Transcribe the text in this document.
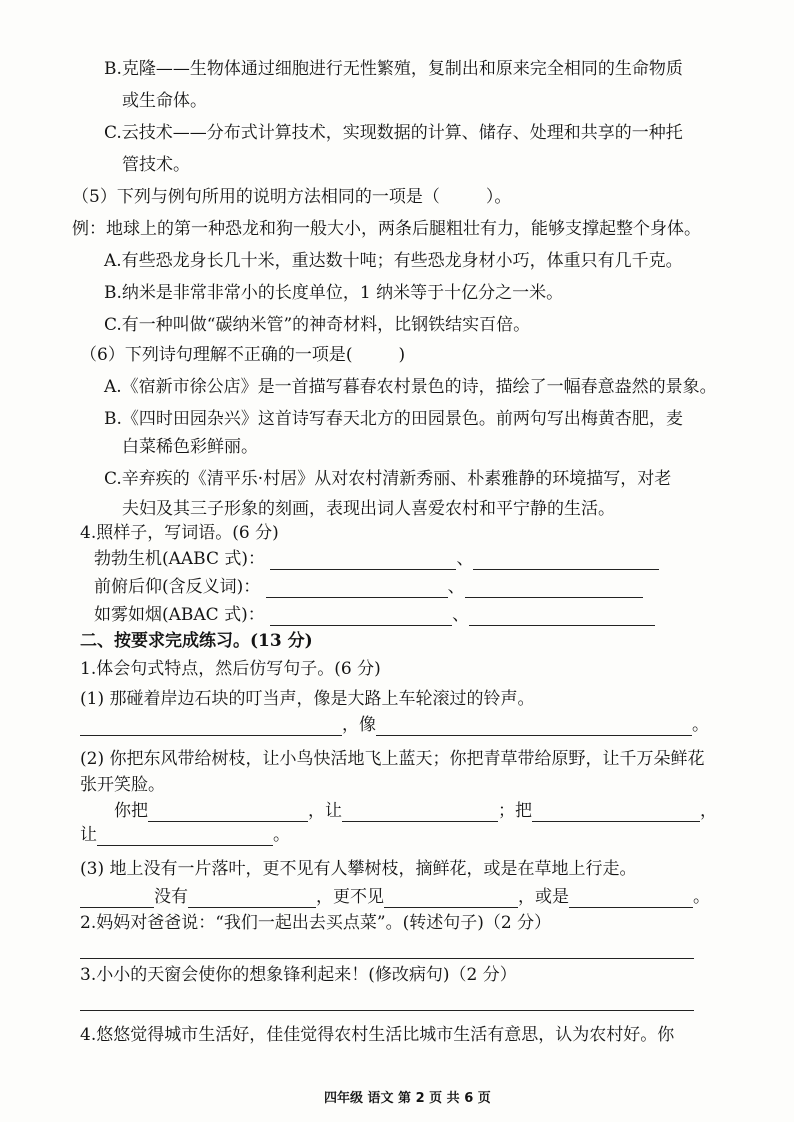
B.克隆——生物体通过细胞进行无性繁殖，复制出和原来完全相同的生命物质
或生命体。
C.云技术——分布式计算技术，实现数据的计算、储存、处理和共享的一种托
管技术。
（5）下列与例句所用的说明方法相同的一项是（	）。
例：地球上的第一种恐龙和狗一般大小，两条后腿粗壮有力，能够支撑起整个身体。
A.有些恐龙身长几十米，重达数十吨；有些恐龙身材小巧，体重只有几千克。
B.纳米是非常非常小的长度单位，1 纳米等于十亿分之一米。
C.有一种叫做“碳纳米管”的神奇材料，比钢铁结实百倍。
（6）下列诗句理解不正确的一项是(	)
A.《宿新市徐公店》是一首描写暮春农村景色的诗，描绘了一幅春意盎然的景象。
B.《四时田园杂兴》这首诗写春天北方的田园景色。前两句写出梅黄杏肥，麦
白菜稀色彩鲜丽。
C.辛弃疾的《清平乐·村居》从对农村清新秀丽、朴素雅静的环境描写，对老
夫妇及其三子形象的刻画，表现出词人喜爱农村和平宁静的生活。
4.照样子，写词语。(6 分)
勃勃生机(AABC 式)：	、
前俯后仰(含反义词)：	、
如雾如烟(ABAC 式)：	、
二、按要求完成练习。(13 分)
1.体会句式特点，然后仿写句子。(6 分)
(1) 那碰着岸边石块的叮当声，像是大路上车轮滚过的铃声。
，像	。
(2) 你把东风带给树枝，让小鸟快活地飞上蓝天；你把青草带给原野，让千万朵鲜花
张开笑脸。
你把	，让	；把	，
让	。
(3) 地上没有一片落叶，更不见有人攀树枝，摘鲜花，或是在草地上行走。
没有	，更不见	，或是	。
2.妈妈对爸爸说：“我们一起出去买点菜”。(转述句子)（2 分）
3.小小的天窗会使你的想象锋利起来！(修改病句)（2 分）
4.悠悠觉得城市生活好，佳佳觉得农村生活比城市生活有意思，认为农村好。你
四年级 语文 第 2 页 共 6 页
